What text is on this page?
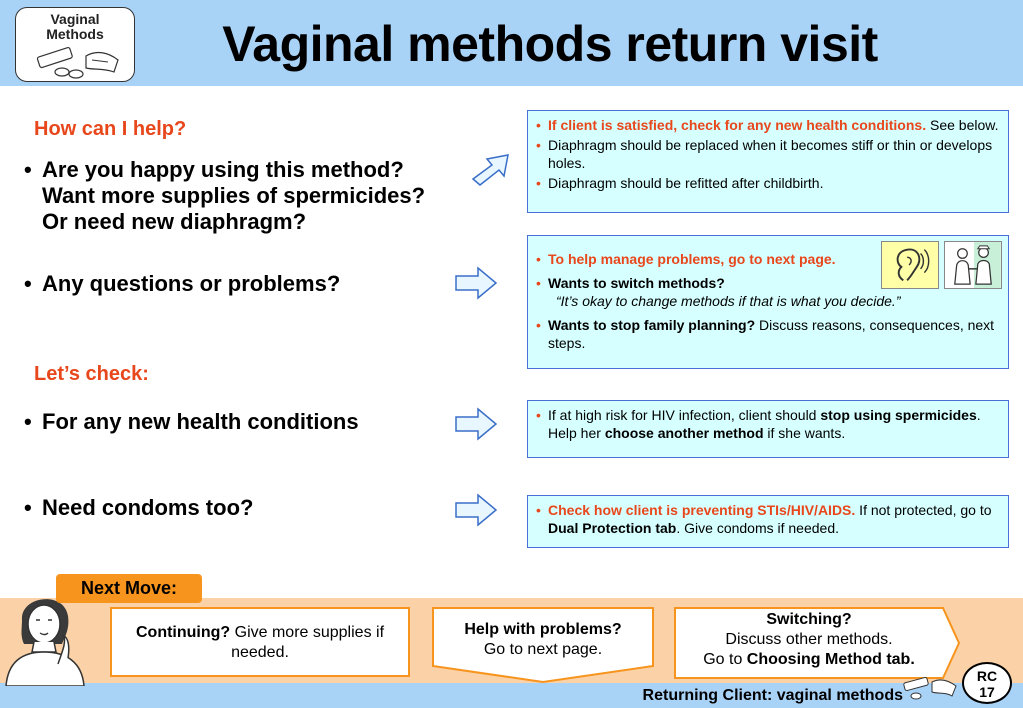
Vaginal
Methods	Vaginal methods return visit
How can I help?
• Are you happy using this method?
Want more supplies of spermicides?
Or need new diaphragm?
• Any questions or problems?
Let’s check:
• For any new health conditions
• Need condoms too?
• If client is satisfied, check for any new health conditions. See below.
• Diaphragm should be replaced when it becomes stiff or thin or develops holes.
• Diaphragm should be refitted after childbirth.
• To help manage problems, go to next page.
• Wants to switch methods?
“It’s okay to change methods if that is what you decide.”
• Wants to stop family planning? Discuss reasons, consequences, next steps.
• If at high risk for HIV infection, client should stop using spermicides. Help her choose another method if she wants.
• Check how client is preventing STIs/HIV/AIDS. If not protected, go to Dual Protection tab. Give condoms if needed.
Next Move:
Continuing? Give more supplies if needed.
Help with problems?
Go to next page.
Switching?
Discuss other methods.
Go to Choosing Method tab.
Returning Client: vaginal methods
RC
17
